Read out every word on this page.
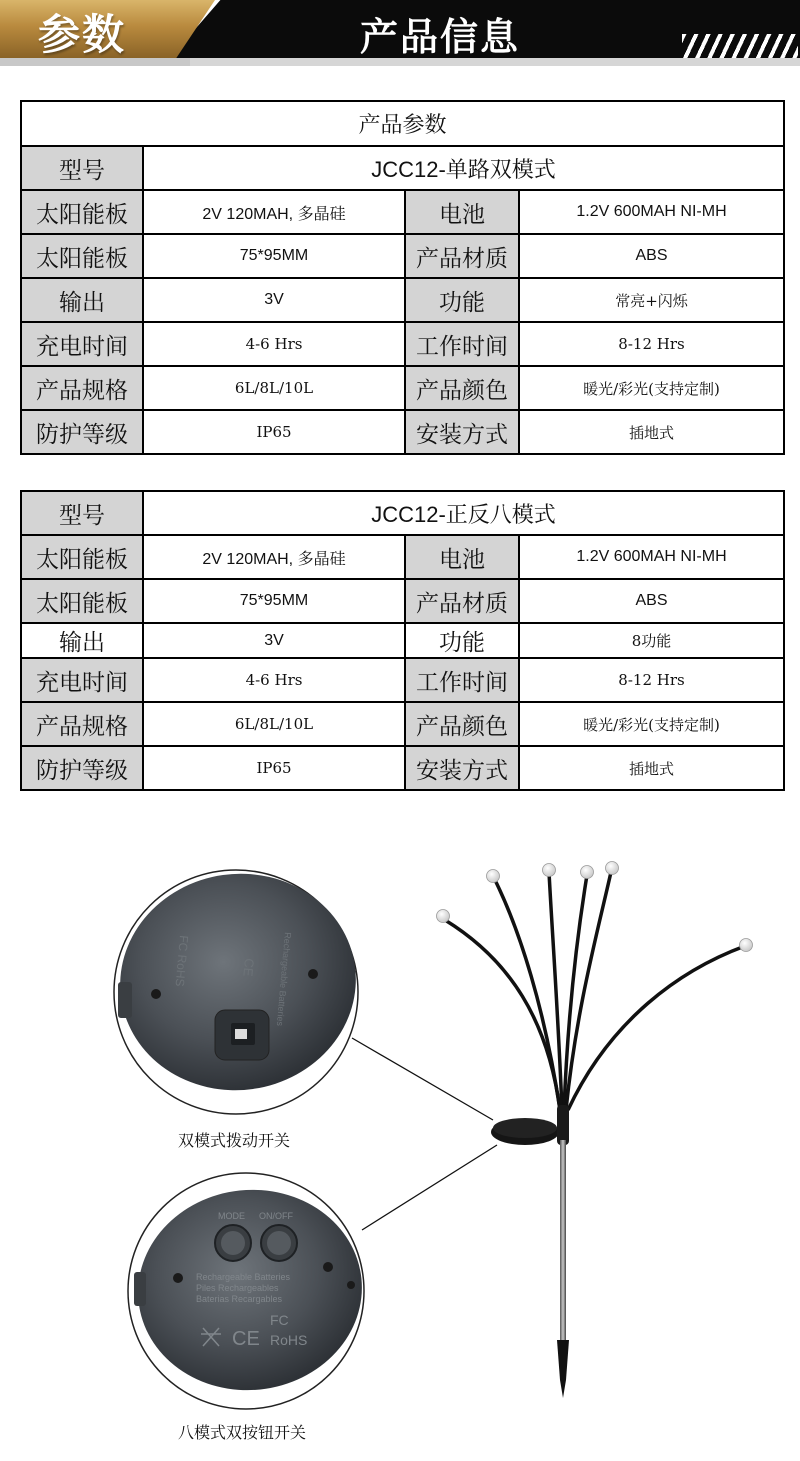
参数	产品信息
产品参数			
型号	JCC12-单路双模式		
太阳能板	2V 120MAH, 多晶硅	电池	1.2V 600MAH NI-MH
太阳能板	75*95MM	产品材质	ABS
输出	3V	功能	常亮+闪烁
充电时间	4-6 Hrs	工作时间	8-12 Hrs
产品规格	6L/8L/10L	产品颜色	暖光/彩光(支持定制)
防护等级	IP65	安装方式	插地式
型号	JCC12-正反八模式		
太阳能板	2V 120MAH, 多晶硅	电池	1.2V 600MAH NI-MH
太阳能板	75*95MM	产品材质	ABS
输出	3V	功能	8功能
充电时间	4-6 Hrs	工作时间	8-12 Hrs
产品规格	6L/8L/10L	产品颜色	暖光/彩光(支持定制)
防护等级	IP65	安装方式	插地式
CE
FC RoHS	Rechargeable Batteries
MODE ON/OFF
Rechargeable Batteries
Piles Rechargeables
Baterias Recargables
FC
CE RoHS
双模式拨动开关
八模式双按钮开关
